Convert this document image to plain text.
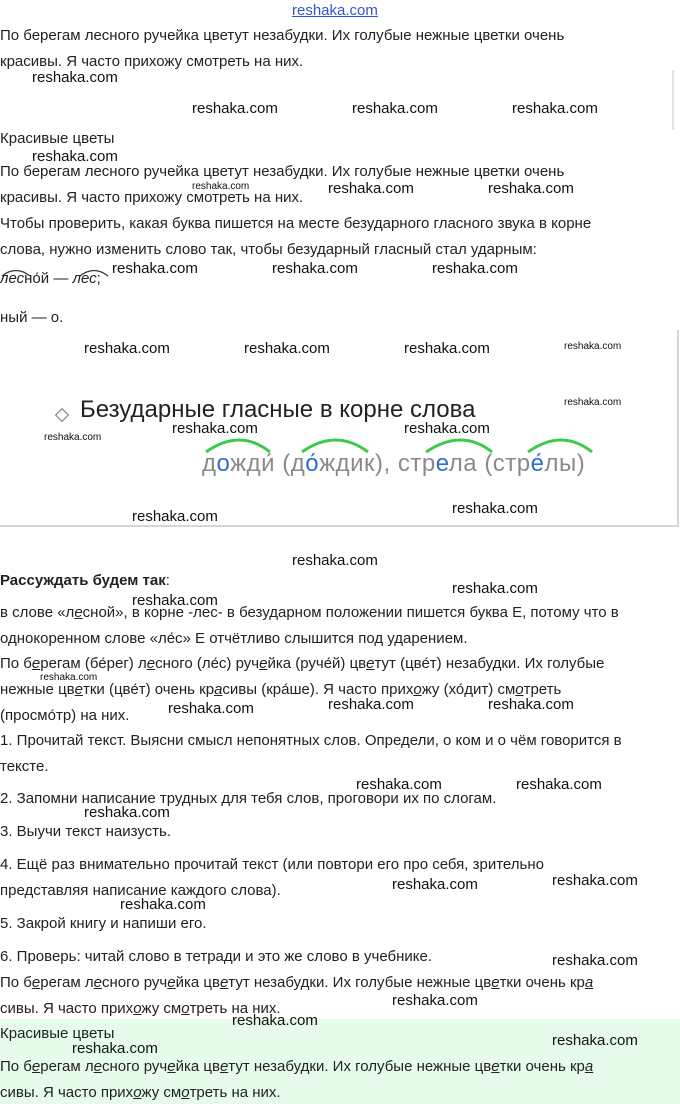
reshaka.com
По берегам лесного ручейка цветут незабудки. Их голубые нежные цветки очень
красивы. Я часто прихожу смотреть на них.
Красивые цветы
По берегам лесного ручейка цветут незабудки. Их голубые нежные цветки очень
красивы. Я часто прихожу смотреть на них.
Чтобы проверить, какая буква пишется на месте безударного гласного звука в корне
слова, нужно изменить слово так, чтобы безударный гласный стал ударным:
лесно́й — лес;
ный — о.
Безударные гласные в корне слова
дожди́ (до́ждик), стрела (стре́лы)
Рассуждать будем так:
в слове «лесной», в корне -лес- в безударном положении пишется буква Е, потому что в
однокоренном слове «ле́с» Е отчётливо слышится под ударением.
По берегам (бе́рег) лесного (ле́с) ручейка (руче́й) цветут (цве́т) незабудки. Их голубые
нежные цветки (цве́т) очень красивы (кра́ше). Я часто прихожу (хо́дит) смотреть
(просмо́тр) на них.
1. Прочитай текст. Выясни смысл непонятных слов. Определи, о ком и о чём говорится в
тексте.
2. Запомни написание трудных для тебя слов, проговори их по слогам.
3. Выучи текст наизусть.
4. Ещё раз внимательно прочитай текст (или повтори его про себя, зрительно
представляя написание каждого слова).
5. Закрой книгу и напиши его.
6. Проверь: читай слово в тетради и это же слово в учебнике.
По берегам лесного ручейка цветут незабудки. Их голубые нежные цветки очень кра
сивы. Я часто прихожу смотреть на них.
Красивые цветы
По берегам лесного ручейка цветут незабудки. Их голубые нежные цветки очень кра
сивы. Я часто прихожу смотреть на них.
reshaka.com
reshaka.com	reshaka.com	reshaka.com
reshaka.com
reshaka.com	reshaka.com	reshaka.com
reshaka.com	reshaka.com	reshaka.com
reshaka.com	reshaka.com	reshaka.com	reshaka.com
reshaka.com
reshaka.com
reshaka.com	reshaka.com
reshaka.com	reshaka.com
reshaka.com
reshaka.com
reshaka.com
reshaka.com
reshaka.com	reshaka.com	reshaka.com
reshaka.com	reshaka.com
reshaka.com
reshaka.com	reshaka.com
reshaka.com
reshaka.com
reshaka.com
reshaka.com
reshaka.com
reshaka.com
